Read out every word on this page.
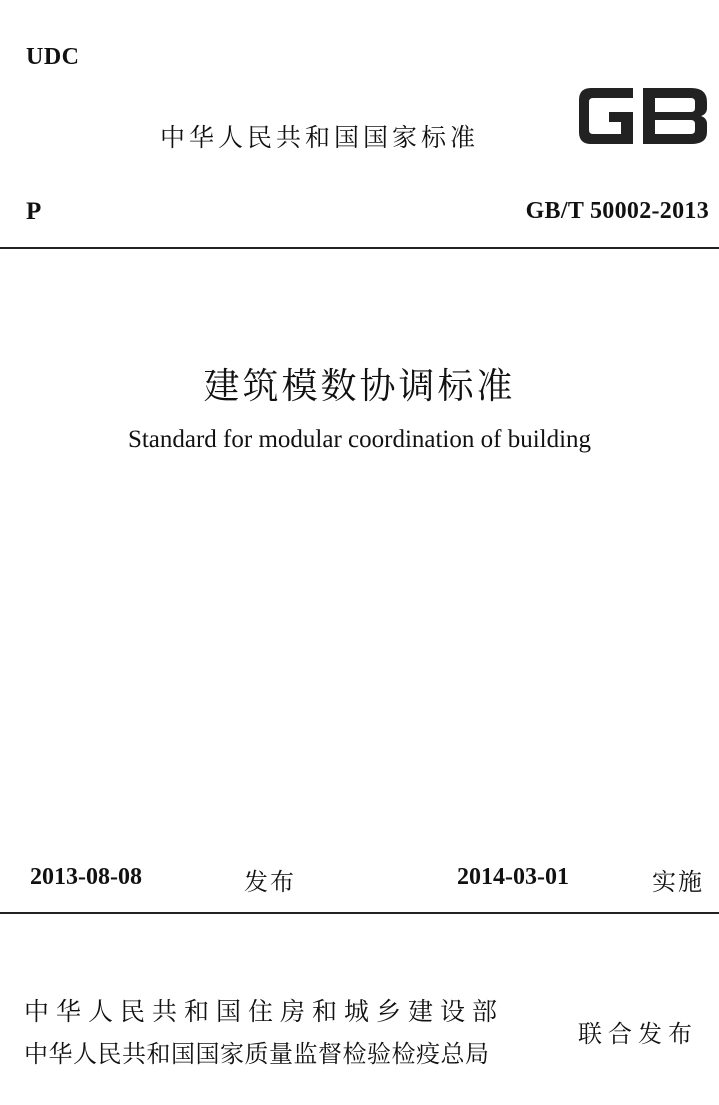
UDC
中华人民共和国国家标准
P	GB/T 50002-2013
建筑模数协调标准
Standard for modular coordination of building
2013-08-08	发布	2014-03-01	实施
中华人民共和国住房和城乡建设部
中华人民共和国国家质量监督检验检疫总局
联合发布
